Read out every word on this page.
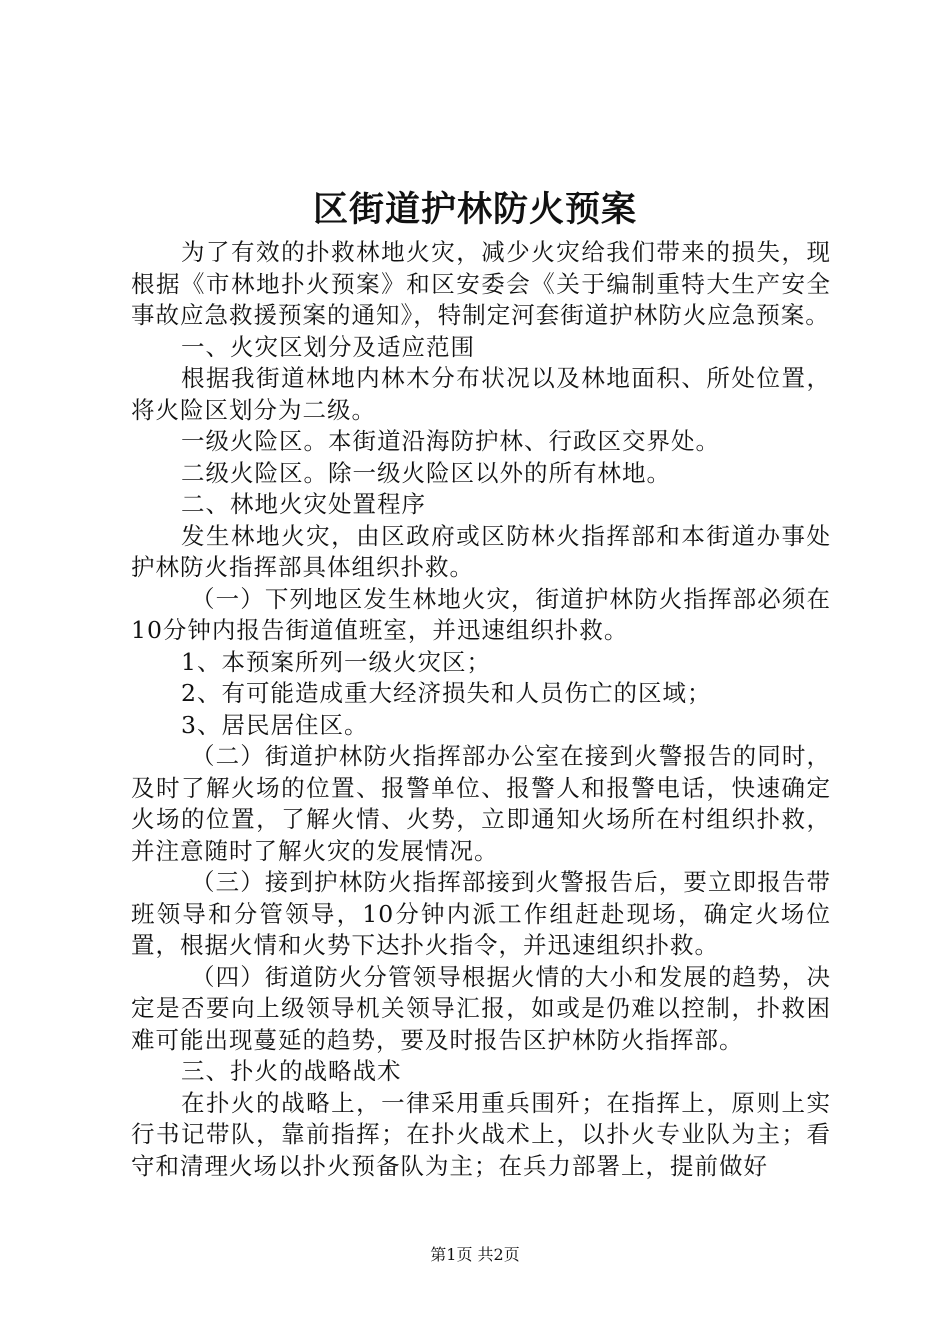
区街道护林防火预案

为了有效的扑救林地火灾，减少火灾给我们带来的损失，现根据《市林地扑火预案》和区安委会《关于编制重特大生产安全事故应急救援预案的通知》，特制定河套街道护林防火应急预案。

一、火灾区划分及适应范围

根据我街道林地内林木分布状况以及林地面积、所处位置，将火险区划分为二级。

一级火险区。本街道沿海防护林、行政区交界处。

二级火险区。除一级火险区以外的所有林地。

二、林地火灾处置程序

发生林地火灾，由区政府或区防林火指挥部和本街道办事处护林防火指挥部具体组织扑救。

（一）下列地区发生林地火灾，街道护林防火指挥部必须在10分钟内报告街道值班室，并迅速组织扑救。

1、本预案所列一级火灾区；

2、有可能造成重大经济损失和人员伤亡的区域；

3、居民居住区。

（二）街道护林防火指挥部办公室在接到火警报告的同时，及时了解火场的位置、报警单位、报警人和报警电话，快速确定火场的位置，了解火情、火势，立即通知火场所在村组织扑救，并注意随时了解火灾的发展情况。

（三）接到护林防火指挥部接到火警报告后，要立即报告带班领导和分管领导，10分钟内派工作组赶赴现场，确定火场位置，根据火情和火势下达扑火指令，并迅速组织扑救。

（四）街道防火分管领导根据火情的大小和发展的趋势，决定是否要向上级领导机关领导汇报，如或是仍难以控制，扑救困难可能出现蔓延的趋势，要及时报告区护林防火指挥部。

三、扑火的战略战术

在扑火的战略上，一律采用重兵围歼；在指挥上，原则上实行书记带队，靠前指挥；在扑火战术上，以扑火专业队为主；看守和清理火场以扑火预备队为主；在兵力部署上，提前做好

第1页 共2页
